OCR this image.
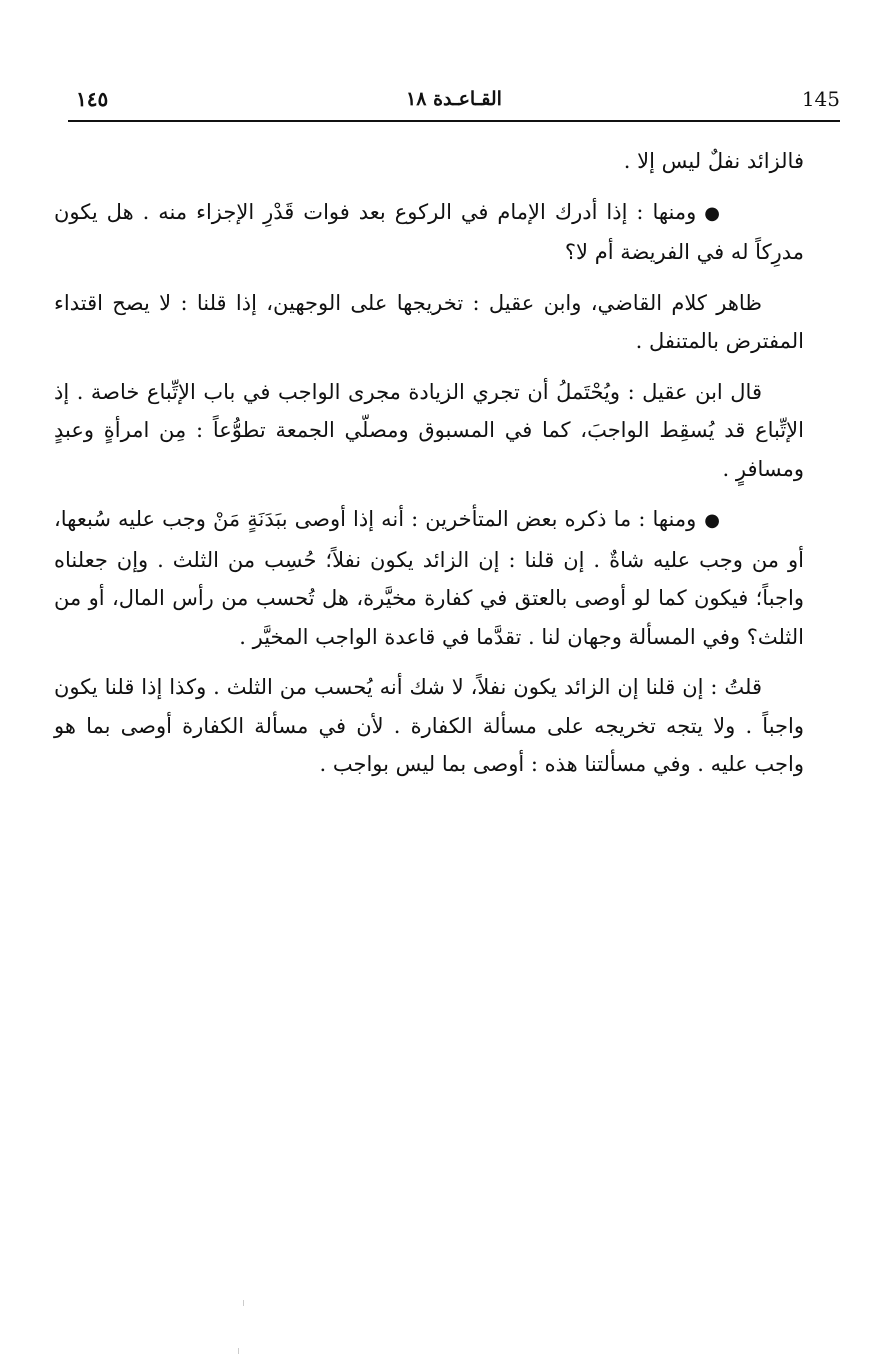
145
القـاعـدة ١٨
١٤٥

فالزائد نفلٌ ليس إلا .

●ومنها : إذا أدرك الإمام في الركوع بعد فوات قَدْرِ الإجزاء منه . هل يكون مدرِكاً له في الفريضة أم لا؟

ظاهر كلام القاضي، وابن عقيل : تخريجها على الوجهين، إذا قلنا : لا يصح اقتداء المفترض بالمتنفل .

قال ابن عقيل : ويُحْتَملُ أن تجري الزيادة مجرى الواجب في باب الإتِّباع خاصة . إذ الإتِّباع قد يُسقِط الواجبَ، كما في المسبوق ومصلّي الجمعة تطوُّعاً : مِن امرأةٍ وعبدٍ ومسافرٍ .

●ومنها : ما ذكره بعض المتأخرين : أنه إذا أوصى ببَدَنَةٍ مَنْ وجب عليه سُبعها، أو من وجب عليه شاةٌ . إن قلنا : إن الزائد يكون نفلاً؛ حُسِب من الثلث . وإن جعلناه واجباً؛ فيكون كما لو أوصى بالعتق في كفارة مخيَّرة، هل تُحسب من رأس المال، أو من الثلث؟ وفي المسألة وجهان لنا . تقدَّما في قاعدة الواجب المخيَّر .

قلتُ : إن قلنا إن الزائد يكون نفلاً، لا شك أنه يُحسب من الثلث . وكذا إذا قلنا يكون واجباً . ولا يتجه تخريجه على مسألة الكفارة . لأن في مسألة الكفارة أوصى بما هو واجب عليه . وفي مسألتنا هذه : أوصى بما ليس بواجب .
